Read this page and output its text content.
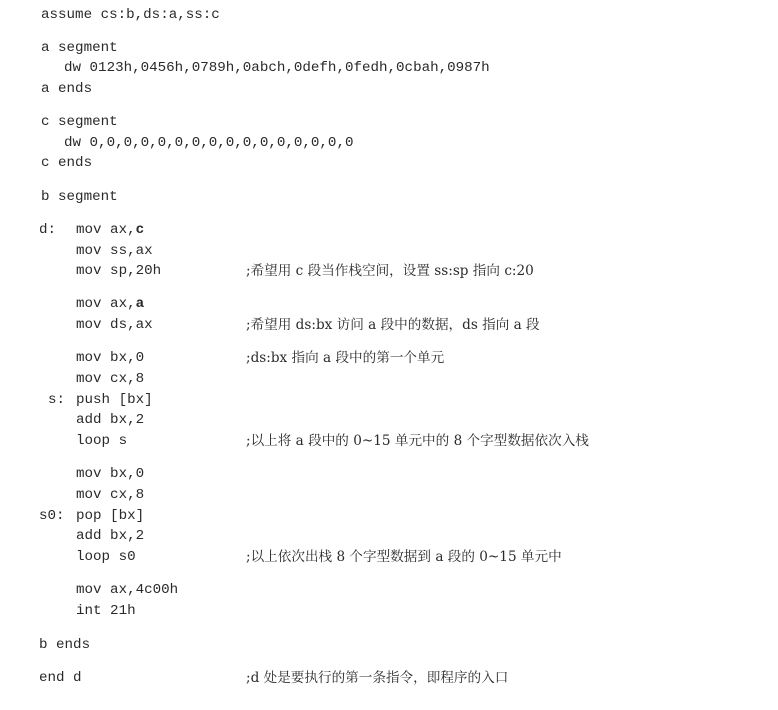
assume cs:b,ds:a,ss:c
a segment
dw 0123h,0456h,0789h,0abch,0defh,0fedh,0cbah,0987h
a ends
c segment
dw 0,0,0,0,0,0,0,0,0,0,0,0,0,0,0,0
c ends
b segment
d: mov ax,c
mov ss,ax
mov sp,20h	;希望用 c 段当作栈空间，设置 ss:sp 指向 c:20
mov ax,a
mov ds,ax	;希望用 ds:bx 访问 a 段中的数据，ds 指向 a 段
mov bx,0	;ds:bx 指向 a 段中的第一个单元
mov cx,8
s: push [bx]
add bx,2
loop s	;以上将 a 段中的 0~15 单元中的 8 个字型数据依次入栈
mov bx,0
mov cx,8
s0: pop [bx]
add bx,2
loop s0	;以上依次出栈 8 个字型数据到 a 段的 0~15 单元中
mov ax,4c00h
int 21h
b ends
end d	;d 处是要执行的第一条指令，即程序的入口
